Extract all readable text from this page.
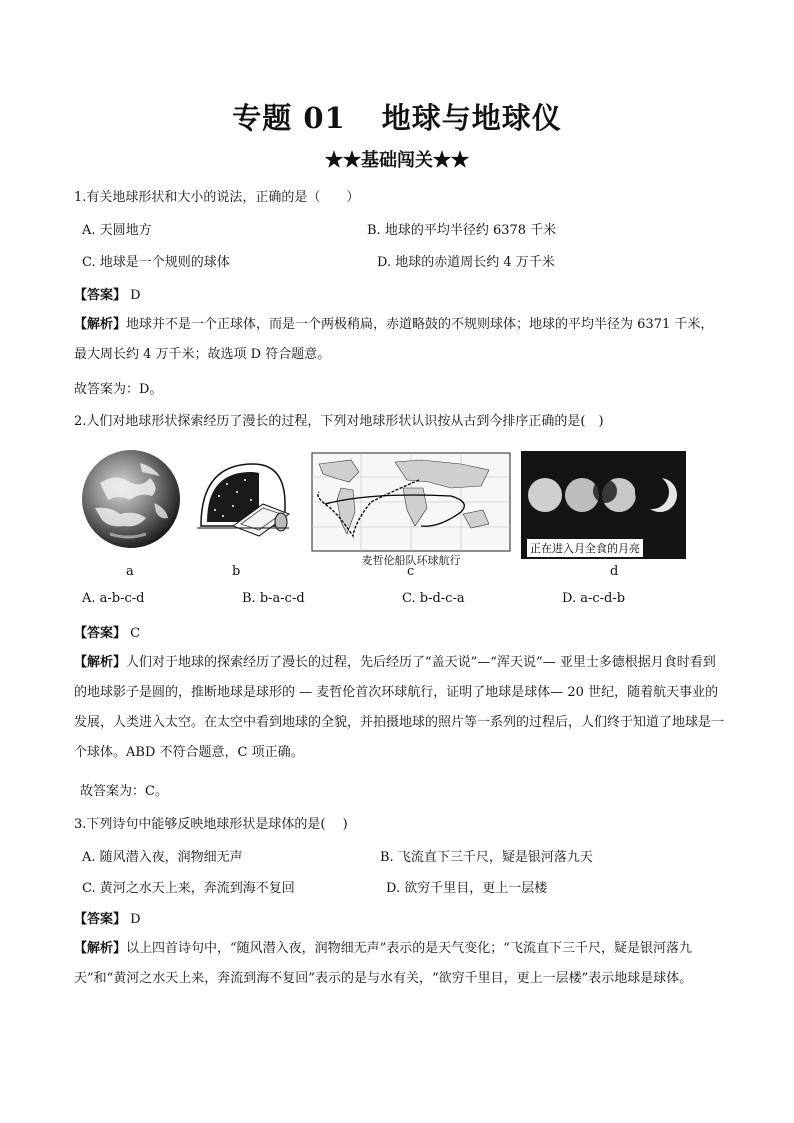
专题 01 地球与地球仪
★★基础闯关★★
1.有关地球形状和大小的说法，正确的是（　　）
A. 天圆地方	B. 地球的平均半径约 6378 千米
C. 地球是一个规则的球体	D. 地球的赤道周长约 4 万千米
【答案】 D
【解析】地球并不是一个正球体，而是一个两极稍扁，赤道略鼓的不规则球体；地球的平均半径为 6371 千米，最大周长约 4 万千米；故选项 D 符合题意。
故答案为：D。
2.人们对地球形状探索经历了漫长的过程，下列对地球形状认识按从古到今排序正确的是(　)
麦哲伦船队环球航行
正在进入月全食的月亮
a	b	c	d
A. a-b-c-d	B. b-a-c-d	C. b-d-c-a	D. a-c-d-b
【答案】 C
【解析】人们对于地球的探索经历了漫长的过程，先后经历了“盖天说”—“浑天说”— 亚里士多德根据月食时看到的地球影子是圆的，推断地球是球形的 — 麦哲伦首次环球航行，证明了地球是球体— 20 世纪，随着航天事业的发展，人类进入太空。在太空中看到地球的全貌，并拍摄地球的照片等一系列的过程后，人们终于知道了地球是一个球体。ABD 不符合题意，C 项正确。
故答案为：C。
3.下列诗句中能够反映地球形状是球体的是(　 )
A. 随风潜入夜，润物细无声	B. 飞流直下三千尺，疑是银河落九天
C. 黄河之水天上来，奔流到海不复回	D. 欲穷千里目，更上一层楼
【答案】 D
【解析】以上四首诗句中，“随风潜入夜，润物细无声”表示的是天气变化；“飞流直下三千尺，疑是银河落九天”和“黄河之水天上来，奔流到海不复回”表示的是与水有关，“欲穷千里目，更上一层楼”表示地球是球体。
